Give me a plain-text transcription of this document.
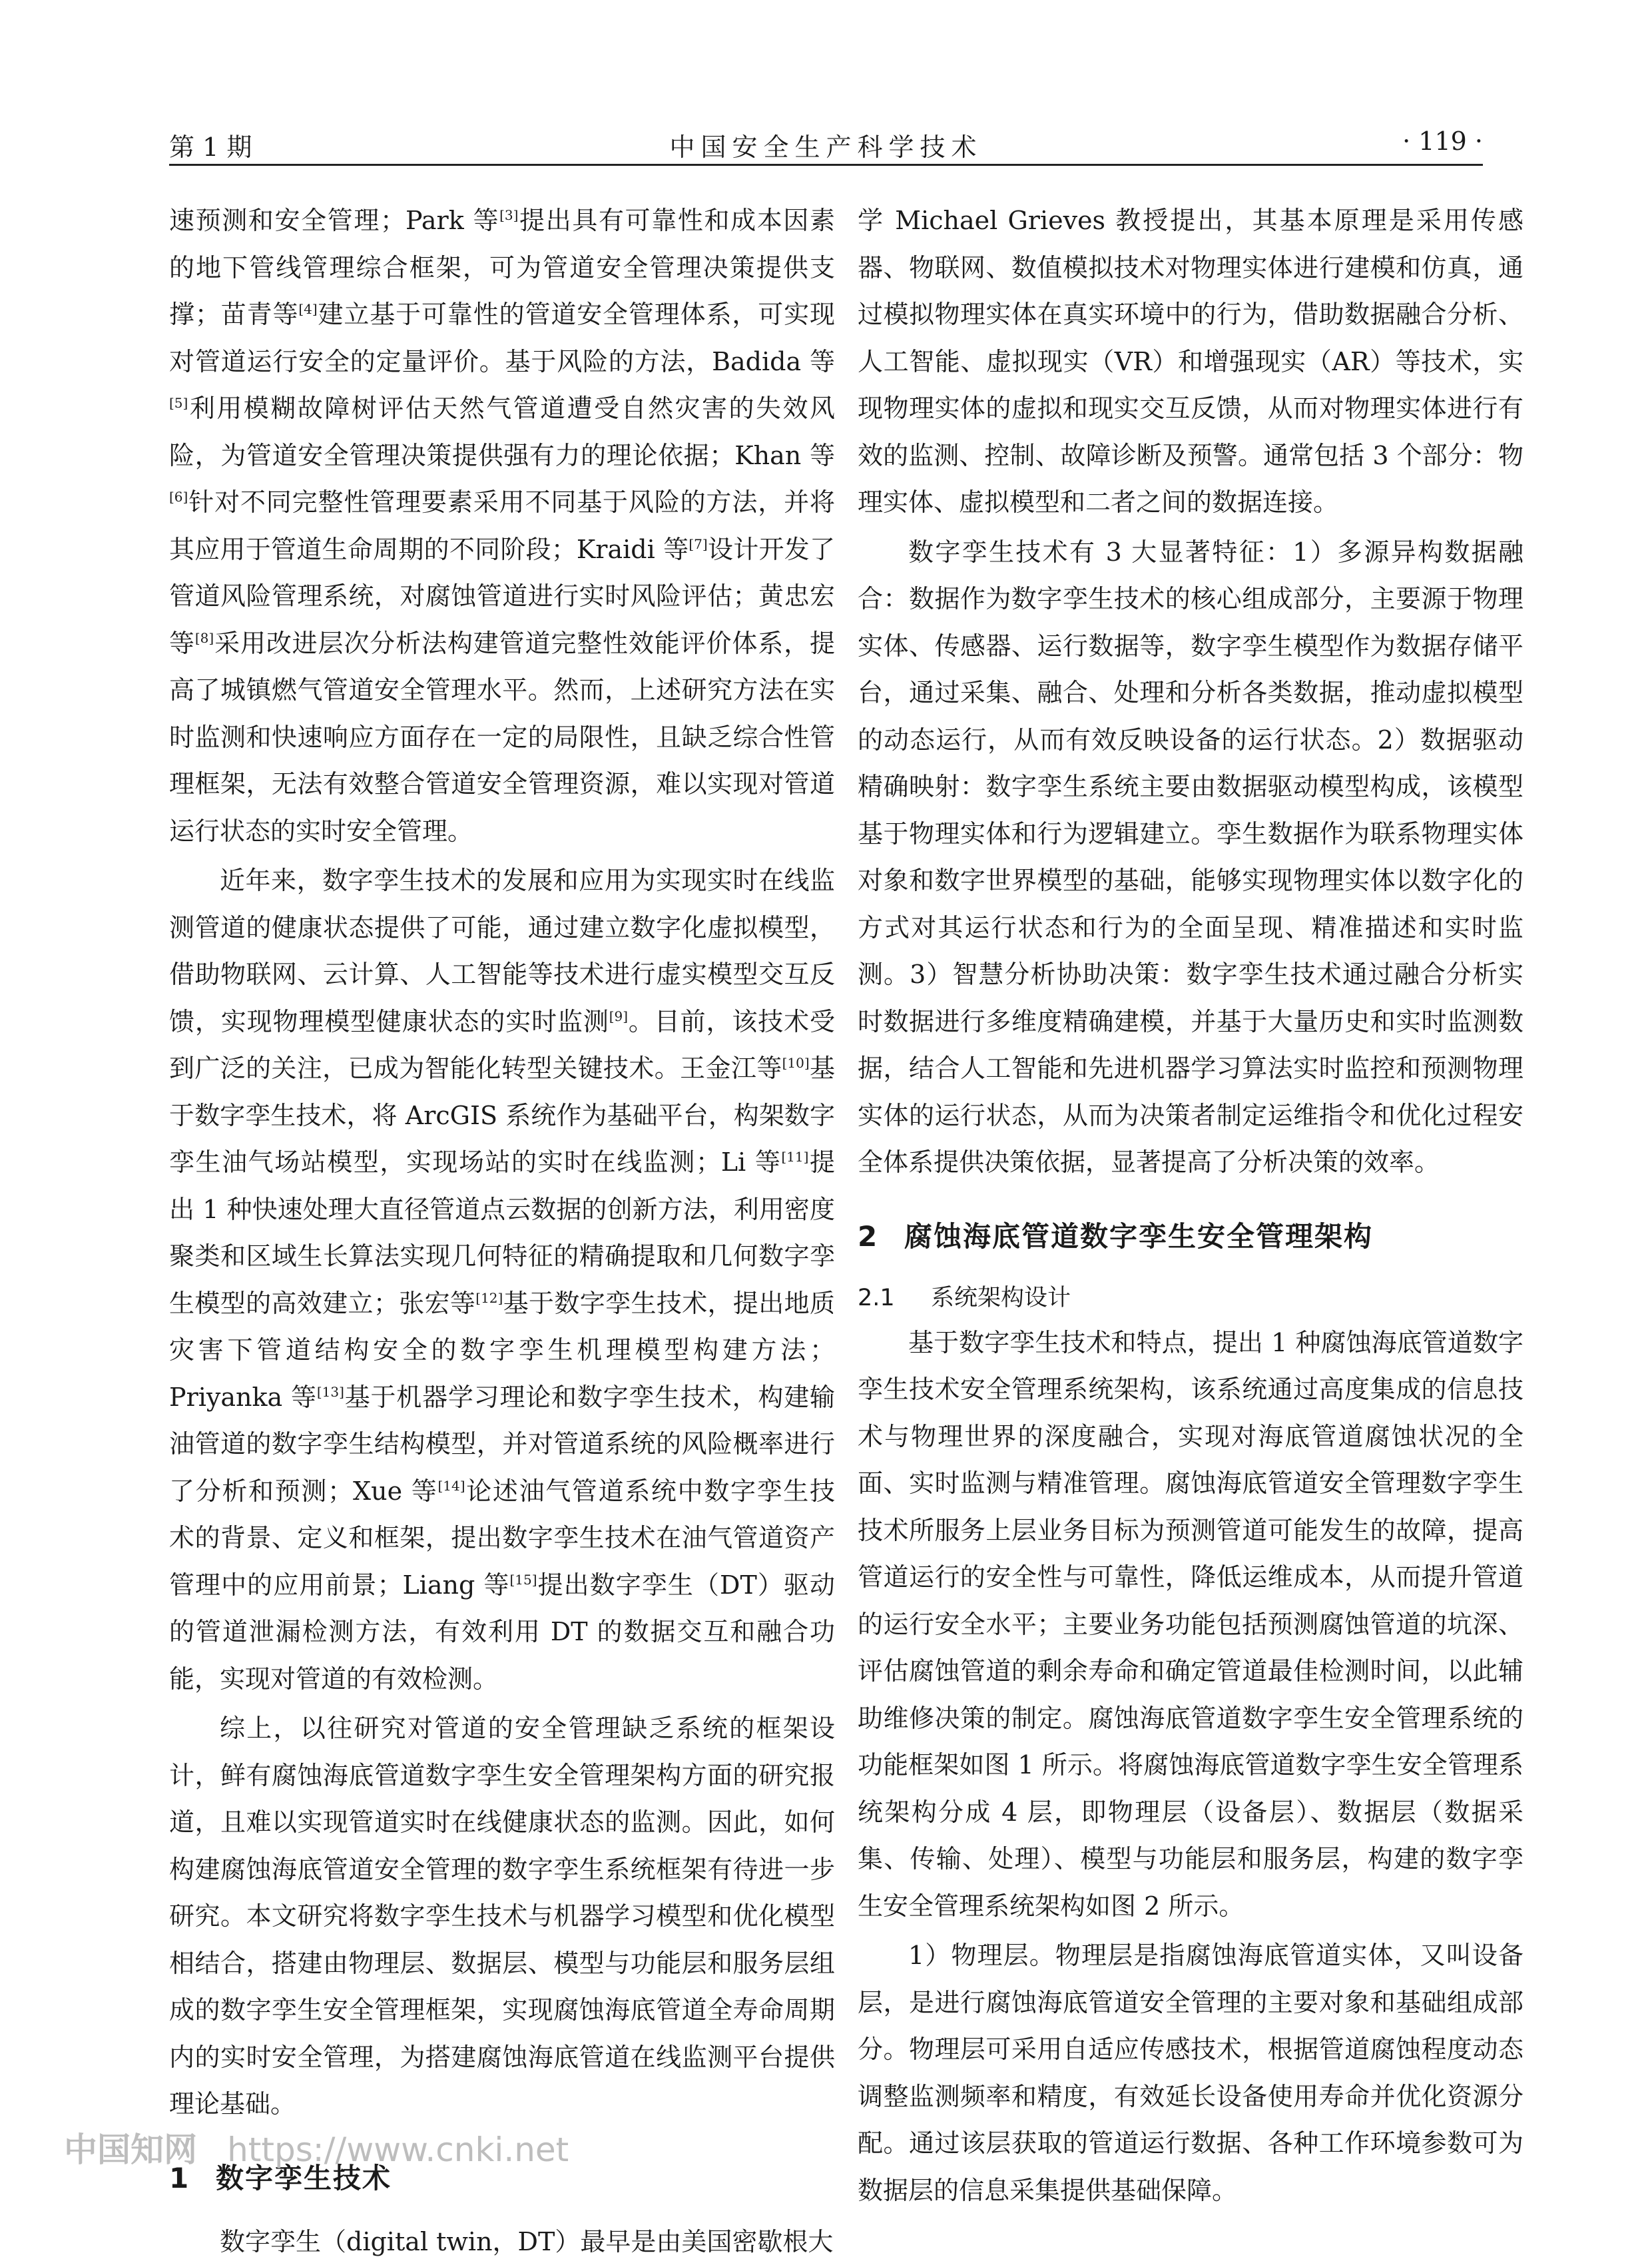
第 1 期	中国安全生产科学技术	· 119 ·

速预测和安全管理；Park 等[3]提出具有可靠性和成本因素的地下管线管理综合框架，可为管道安全管理决策提供支撑；苗青等[4]建立基于可靠性的管道安全管理体系，可实现对管道运行安全的定量评价。基于风险的方法，Badida 等[5]利用模糊故障树评估天然气管道遭受自然灾害的失效风险，为管道安全管理决策提供强有力的理论依据；Khan 等[6]针对不同完整性管理要素采用不同基于风险的方法，并将其应用于管道生命周期的不同阶段；Kraidi 等[7]设计开发了管道风险管理系统，对腐蚀管道进行实时风险评估；黄忠宏等[8]采用改进层次分析法构建管道完整性效能评价体系，提高了城镇燃气管道安全管理水平。然而，上述研究方法在实时监测和快速响应方面存在一定的局限性，且缺乏综合性管理框架，无法有效整合管道安全管理资源，难以实现对管道运行状态的实时安全管理。

近年来，数字孪生技术的发展和应用为实现实时在线监测管道的健康状态提供了可能，通过建立数字化虚拟模型，借助物联网、云计算、人工智能等技术进行虚实模型交互反馈，实现物理模型健康状态的实时监测[9]。目前，该技术受到广泛的关注，已成为智能化转型关键技术。王金江等[10]基于数字孪生技术，将 ArcGIS 系统作为基础平台，构架数字孪生油气场站模型，实现场站的实时在线监测；Li 等[11]提出 1 种快速处理大直径管道点云数据的创新方法，利用密度聚类和区域生长算法实现几何特征的精确提取和几何数字孪生模型的高效建立；张宏等[12]基于数字孪生技术，提出地质灾害下管道结构安全的数字孪生机理模型构建方法；Priyanka 等[13]基于机器学习理论和数字孪生技术，构建输油管道的数字孪生结构模型，并对管道系统的风险概率进行了分析和预测；Xue 等[14]论述油气管道系统中数字孪生技术的背景、定义和框架，提出数字孪生技术在油气管道资产管理中的应用前景；Liang 等[15]提出数字孪生（DT）驱动的管道泄漏检测方法，有效利用 DT 的数据交互和融合功能，实现对管道的有效检测。

综上，以往研究对管道的安全管理缺乏系统的框架设计，鲜有腐蚀海底管道数字孪生安全管理架构方面的研究报道，且难以实现管道实时在线健康状态的监测。因此，如何构建腐蚀海底管道安全管理的数字孪生系统框架有待进一步研究。本文研究将数字孪生技术与机器学习模型和优化模型相结合，搭建由物理层、数据层、模型与功能层和服务层组成的数字孪生安全管理框架，实现腐蚀海底管道全寿命周期内的实时安全管理，为搭建腐蚀海底管道在线监测平台提供理论基础。

1 数字孪生技术

数字孪生（digital twin，DT）最早是由美国密歇根大

学 Michael Grieves 教授提出，其基本原理是采用传感器、物联网、数值模拟技术对物理实体进行建模和仿真，通过模拟物理实体在真实环境中的行为，借助数据融合分析、人工智能、虚拟现实（VR）和增强现实（AR）等技术，实现物理实体的虚拟和现实交互反馈，从而对物理实体进行有效的监测、控制、故障诊断及预警。通常包括 3 个部分：物理实体、虚拟模型和二者之间的数据连接。

数字孪生技术有 3 大显著特征：1）多源异构数据融合：数据作为数字孪生技术的核心组成部分，主要源于物理实体、传感器、运行数据等，数字孪生模型作为数据存储平台，通过采集、融合、处理和分析各类数据，推动虚拟模型的动态运行，从而有效反映设备的运行状态。2）数据驱动精确映射：数字孪生系统主要由数据驱动模型构成，该模型基于物理实体和行为逻辑建立。孪生数据作为联系物理实体对象和数字世界模型的基础，能够实现物理实体以数字化的方式对其运行状态和行为的全面呈现、精准描述和实时监测。3）智慧分析协助决策：数字孪生技术通过融合分析实时数据进行多维度精确建模，并基于大量历史和实时监测数据，结合人工智能和先进机器学习算法实时监控和预测物理实体的运行状态，从而为决策者制定运维指令和优化过程安全体系提供决策依据，显著提高了分析决策的效率。

2 腐蚀海底管道数字孪生安全管理架构
2.1 系统架构设计

基于数字孪生技术和特点，提出 1 种腐蚀海底管道数字孪生技术安全管理系统架构，该系统通过高度集成的信息技术与物理世界的深度融合，实现对海底管道腐蚀状况的全面、实时监测与精准管理。腐蚀海底管道安全管理数字孪生技术所服务上层业务目标为预测管道可能发生的故障，提高管道运行的安全性与可靠性，降低运维成本，从而提升管道的运行安全水平；主要业务功能包括预测腐蚀管道的坑深、评估腐蚀管道的剩余寿命和确定管道最佳检测时间，以此辅助维修决策的制定。腐蚀海底管道数字孪生安全管理系统的功能框架如图 1 所示。将腐蚀海底管道数字孪生安全管理系统架构分成 4 层，即物理层（设备层）、数据层（数据采集、传输、处理）、模型与功能层和服务层，构建的数字孪生安全管理系统架构如图 2 所示。

1）物理层。物理层是指腐蚀海底管道实体，又叫设备层，是进行腐蚀海底管道安全管理的主要对象和基础组成部分。物理层可采用自适应传感技术，根据管道腐蚀程度动态调整监测频率和精度，有效延长设备使用寿命并优化资源分配。通过该层获取的管道运行数据、各种工作环境参数可为数据层的信息采集提供基础保障。

中国知网 https://www.cnki.net
